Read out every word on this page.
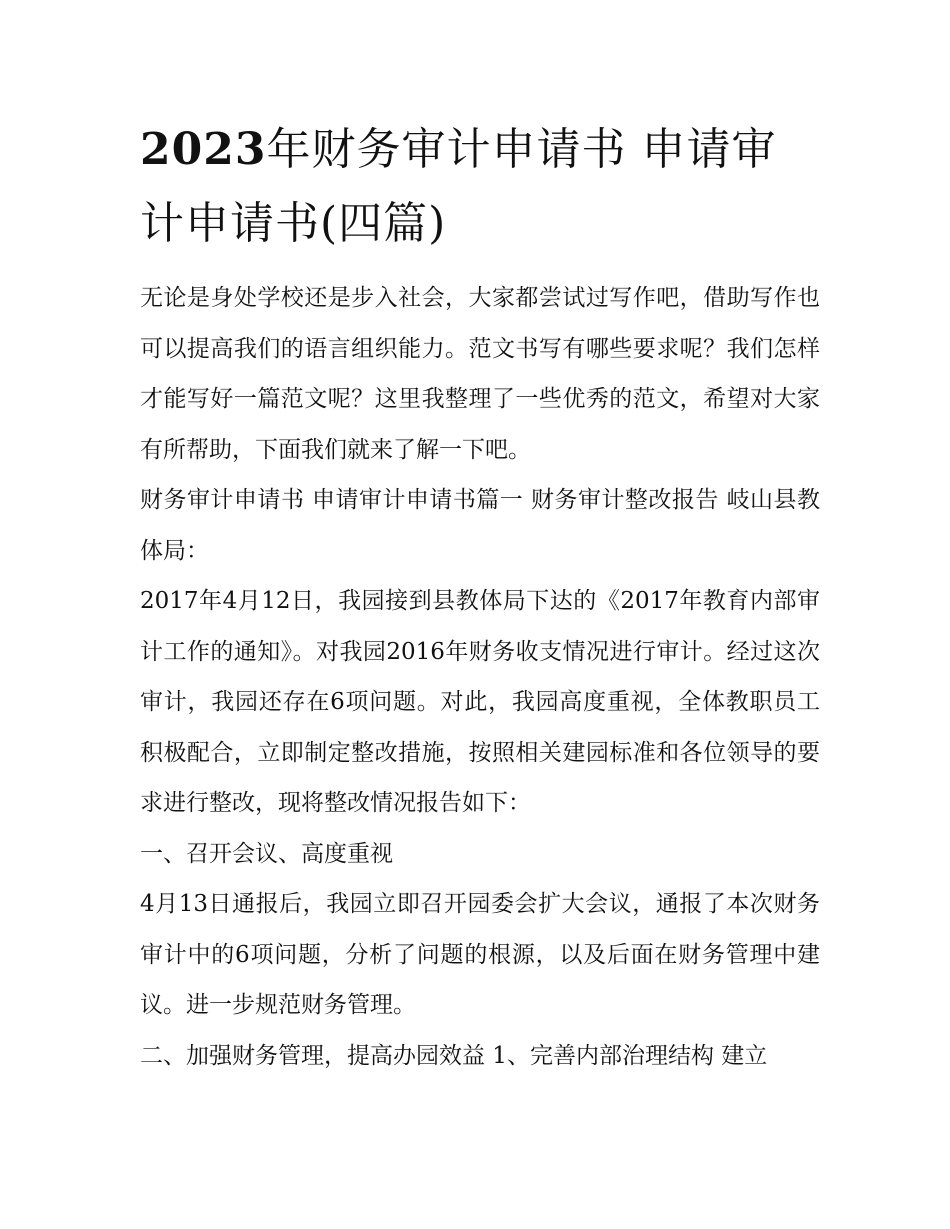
2023年财务审计申请书 申请审计申请书(四篇)

无论是身处学校还是步入社会，大家都尝试过写作吧，借助写作也可以提高我们的语言组织能力。范文书写有哪些要求呢？我们怎样才能写好一篇范文呢？这里我整理了一些优秀的范文，希望对大家有所帮助，下面我们就来了解一下吧。

财务审计申请书 申请审计申请书篇一 财务审计整改报告 岐山县教体局：

2017年4月12日，我园接到县教体局下达的《2017年教育内部审计工作的通知》。对我园2016年财务收支情况进行审计。经过这次审计，我园还存在6项问题。对此，我园高度重视，全体教职员工积极配合，立即制定整改措施，按照相关建园标准和各位领导的要求进行整改，现将整改情况报告如下：

一、召开会议、高度重视

4月13日通报后，我园立即召开园委会扩大会议，通报了本次财务审计中的6项问题，分析了问题的根源，以及后面在财务管理中建议。进一步规范财务管理。

二、加强财务管理，提高办园效益 1、完善内部治理结构 建立
